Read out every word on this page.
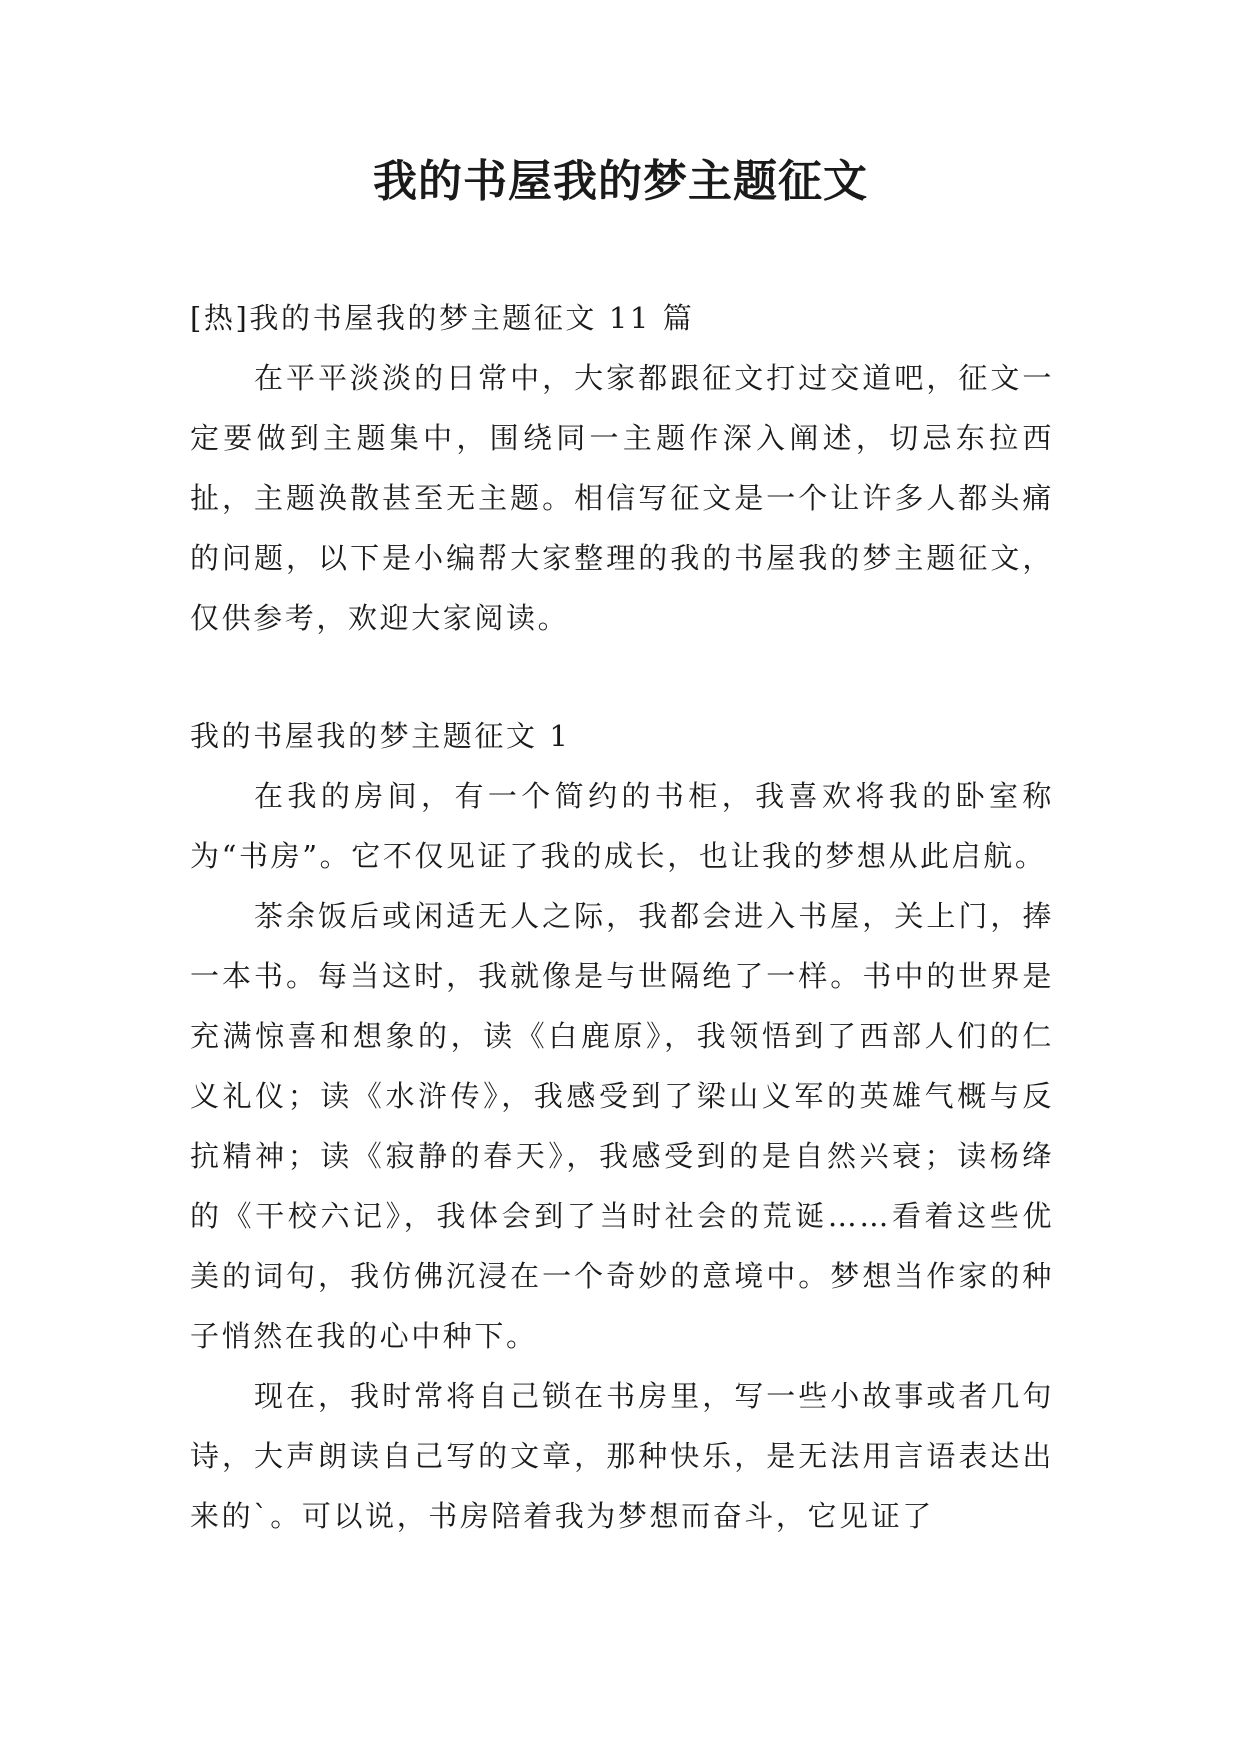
我的书屋我的梦主题征文

[热]我的书屋我的梦主题征文 11 篇

在平平淡淡的日常中，大家都跟征文打过交道吧，征文一定要做到主题集中，围绕同一主题作深入阐述，切忌东拉西扯，主题涣散甚至无主题。相信写征文是一个让许多人都头痛的问题，以下是小编帮大家整理的我的书屋我的梦主题征文，仅供参考，欢迎大家阅读。

我的书屋我的梦主题征文 1

在我的房间，有一个简约的书柜，我喜欢将我的卧室称为“书房”。它不仅见证了我的成长，也让我的梦想从此启航。

茶余饭后或闲适无人之际，我都会进入书屋，关上门，捧一本书。每当这时，我就像是与世隔绝了一样。书中的世界是充满惊喜和想象的，读《白鹿原》，我领悟到了西部人们的仁义礼仪；读《水浒传》，我感受到了梁山义军的英雄气概与反抗精神；读《寂静的春天》，我感受到的是自然兴衰；读杨绛的《干校六记》，我体会到了当时社会的荒诞……看着这些优美的词句，我仿佛沉浸在一个奇妙的意境中。梦想当作家的种子悄然在我的心中种下。

现在，我时常将自己锁在书房里，写一些小故事或者几句诗，大声朗读自己写的文章，那种快乐，是无法用言语表达出来的`。可以说，书房陪着我为梦想而奋斗，它见证了
